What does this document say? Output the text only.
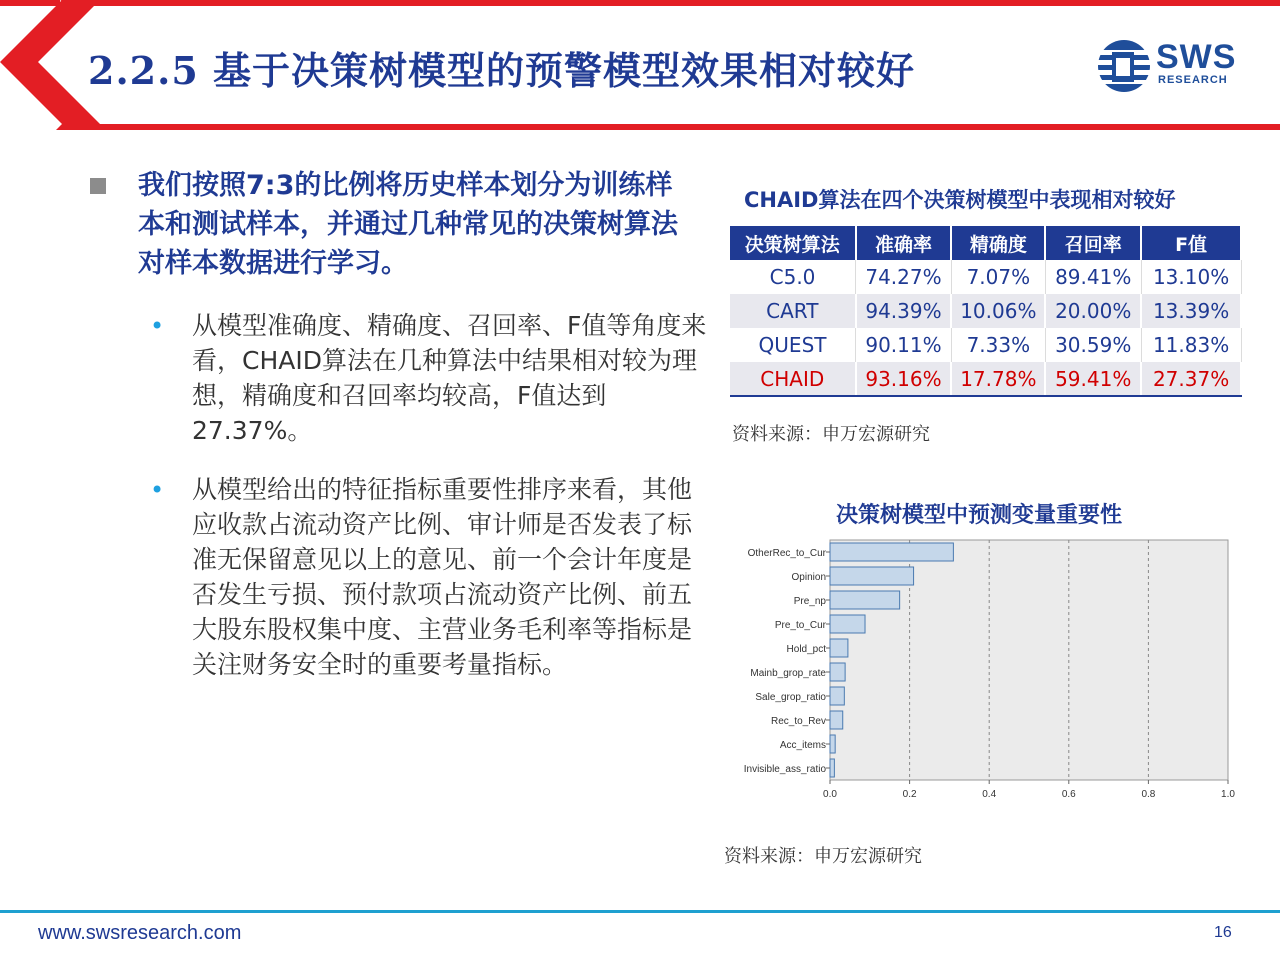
2.2.5 基于决策树模型的预警模型效果相对较好	SWS
RESEARCH
我们按照7:3的比例将历史样本划分为训练样本和测试样本，并通过几种常见的决策树算法对样本数据进行学习。
• 从模型准确度、精确度、召回率、F值等角度来看，CHAID算法在几种算法中结果相对较为理想，精确度和召回率均较高，F值达到27.37%。
• 从模型给出的特征指标重要性排序来看，其他应收款占流动资产比例、审计师是否发表了标准无保留意见以上的意见、前一个会计年度是否发生亏损、预付款项占流动资产比例、前五大股东股权集中度、主营业务毛利率等指标是关注财务安全时的重要考量指标。
CHAID算法在四个决策树模型中表现相对较好
决策树算法	准确率	精确度	召回率	F值
C5.0	74.27%	7.07%	89.41%	13.10%
CART	94.39%	10.06%	20.00%	13.39%
QUEST	90.11%	7.33%	30.59%	11.83%
CHAID	93.16%	17.78%	59.41%	27.37%
资料来源：申万宏源研究
决策树模型中预测变量重要性
0.0	0.2	0.4	0.6	0.8	1.0
OtherRec_to_Cur
Opinion
Pre_np
Pre_to_Cur
Hold_pct
Mainb_grop_rate
Sale_grop_ratio
Rec_to_Rev
Acc_items
Invisible_ass_ratio
资料来源：申万宏源研究
www.swsresearch.com	16
